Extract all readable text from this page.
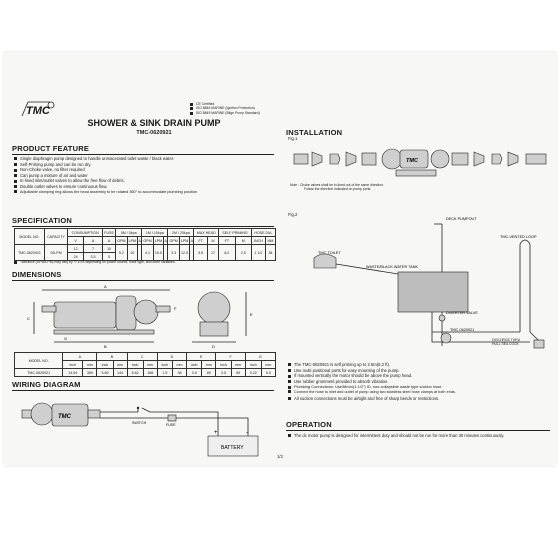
TMC
CE Certified
ISO 8846 MARINE (Ignition Protection)
ISO 8849 MARINE (Bilge Pump Standard)
SHOWER & SINK DRAIN PUMP
TMC-0620921
PRODUCT FEATURE
Single diaphragm pump designed to handle unmacerated toilet waste / black water.
Self-Priming pump and can be run dry.
Non-Choke valve, no filter required
Can pump a mixture of air and water
In-lined inlet/outlet valves to allow the free flow of debris.
Double outlet valves to ensure continuous flow.
Adjustable clamping ring allows the head assembly to be rotated 360° to accommodate plumbing position
SPECIFICATION
MODEL NO.	CAPACITY	CONSUMPTION		FUSE	0M / 0kpa			1M / 10kpa			2M / 20kpa			MAX HEAD		SELF PRIMING		HOSE DIA.	
		V	A	A	GPM	LPM	A	GPM	LPM	A	GPM	LPM	A	FT	M	FT	M	INCH	MM
TMC-0620921	20LPM	12	7	10	5.2	20		4.1	15.5		3.3	12.5		5.5	17	8.2	2.5	1 1/2	38
		24	3.5	5															
Tolerance (GPM/LPM) may vary by +/-10% depending on power source, hose type, and other variables.
DIMENSIONS
A
B
C
D
E
F
G
MODEL NO.	A		B		C		D		E		F		G	
	inch	mm	inch	mm	inch	mm	inch	mm	inch	mm	inch	mm	inch	mm
TMC-0620921	14.54	369	5.69	144	6.62	168	1.5	38	3.5	89	3.5	89	0.22	5.5
WIRING DIAGRAM
TMC
SWITCH	FUSE
BATTERY
+	-
INSTALLATION
Fig.1
TMC
Note : Choke valves shall be in-lined out of the same direction.
Follow the direction indicated on pump ports.
Fig.2
DECK PUMPOUT
TMC-TOILET
WASTE/BLACK WATER TANK
TMC-VENTED LOOP
DIVERTER VALVE
TMC-0620921
DISCHRGE THRU HULL SEA COCK
The TMC-0620921 is self priming up to 2.5m(8.2 ft).
Use multi positional ports for easy mounting of the pump.
If mounted vertically the motor should be above the pump head.
Use rubber grommets provided to absorb vibration.
Plumbing Connections: Use38mm(1-1/2") ID, non-collapsible waste type suction hose.
Connect the hose to inlet and outlet of pump using two stainless steel hose clamps at both ends.
All suction connections must be airtight and free of sharp bends or restrictions.
OPERATION
The dc motor pump is designed for intermittent duty and should not be run for more than 30 minutes continuously.
1/2
